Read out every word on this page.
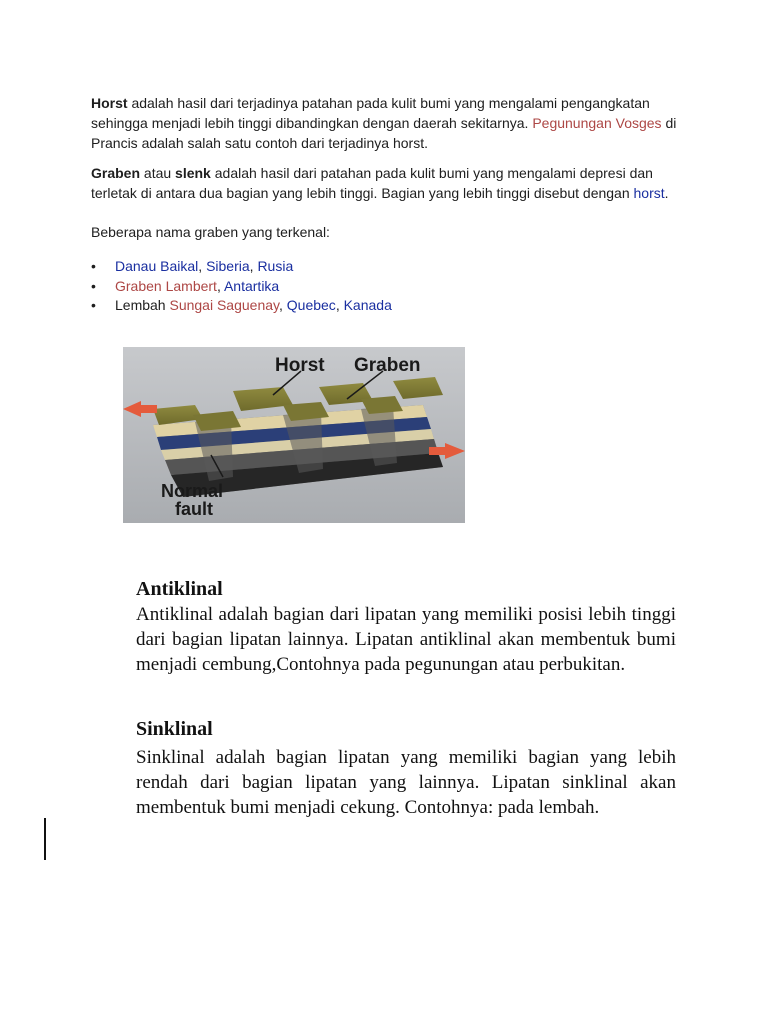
Horst adalah hasil dari terjadinya patahan pada kulit bumi yang mengalami pengangkatan sehingga menjadi lebih tinggi dibandingkan dengan daerah sekitarnya. Pegunungan Vosges di Prancis adalah salah satu contoh dari terjadinya horst.
Graben atau slenk adalah hasil dari patahan pada kulit bumi yang mengalami depresi dan terletak di antara dua bagian yang lebih tinggi. Bagian yang lebih tinggi disebut dengan horst.
Beberapa nama graben yang terkenal:
• Danau Baikal, Siberia, Rusia
• Graben Lambert, Antartika
• Lembah Sungai Saguenay, Quebec, Kanada
Horst Graben
Normal
fault
Antiklinal
Antiklinal adalah bagian dari lipatan yang memiliki posisi lebih tinggi dari bagian lipatan lainnya. Lipatan antiklinal akan membentuk bumi menjadi cembung,Contohnya pada pegunungan atau perbukitan.
Sinklinal
Sinklinal adalah bagian lipatan yang memiliki bagian yang lebih rendah dari bagian lipatan yang lainnya. Lipatan sinklinal akan membentuk bumi menjadi cekung. Contohnya: pada lembah.
